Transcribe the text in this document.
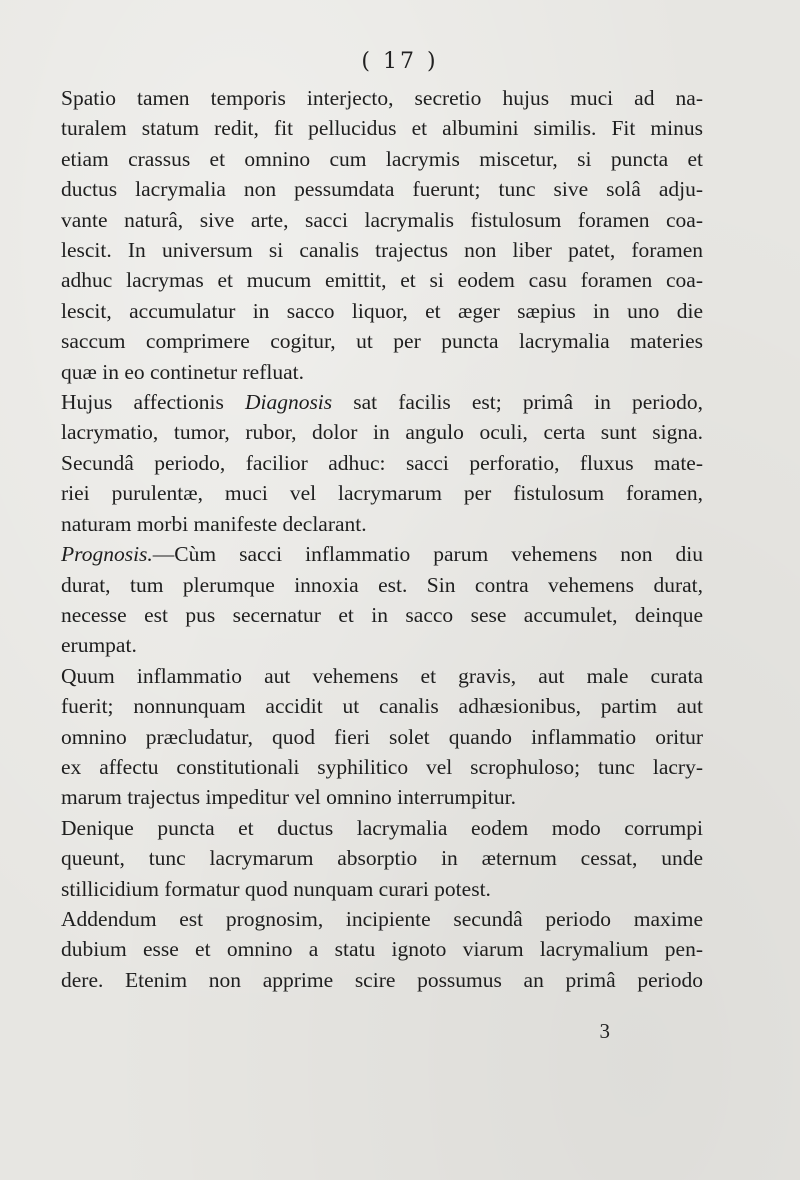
( 17 )

Spatio tamen temporis interjecto, secretio hujus muci ad na-
turalem statum redit, fit pellucidus et albumini similis. Fit minus
etiam crassus et omnino cum lacrymis miscetur, si puncta et
ductus lacrymalia non pessumdata fuerunt; tunc sive solâ adju-
vante naturâ, sive arte, sacci lacrymalis fistulosum foramen coa-
lescit. In universum si canalis trajectus non liber patet, foramen
adhuc lacrymas et mucum emittit, et si eodem casu foramen coa-
lescit, accumulatur in sacco liquor, et æger sæpius in uno die
saccum comprimere cogitur, ut per puncta lacrymalia materies
quæ in eo continetur refluat.

Hujus affectionis Diagnosis sat facilis est; primâ in periodo,
lacrymatio, tumor, rubor, dolor in angulo oculi, certa sunt signa.

Secundâ periodo, facilior adhuc: sacci perforatio, fluxus mate-
riei purulentæ, muci vel lacrymarum per fistulosum foramen,
naturam morbi manifeste declarant.

Prognosis.—Cùm sacci inflammatio parum vehemens non diu
durat, tum plerumque innoxia est. Sin contra vehemens durat,
necesse est pus secernatur et in sacco sese accumulet, deinque
erumpat.

Quum inflammatio aut vehemens et gravis, aut male curata
fuerit; nonnunquam accidit ut canalis adhæsionibus, partim aut
omnino præcludatur, quod fieri solet quando inflammatio oritur
ex affectu constitutionali syphilitico vel scrophuloso; tunc lacry-
marum trajectus impeditur vel omnino interrumpitur.

Denique puncta et ductus lacrymalia eodem modo corrumpi
queunt, tunc lacrymarum absorptio in æternum cessat, unde
stillicidium formatur quod nunquam curari potest.

Addendum est prognosim, incipiente secundâ periodo maxime
dubium esse et omnino a statu ignoto viarum lacrymalium pen-
dere. Etenim non apprime scire possumus an primâ periodo

3
